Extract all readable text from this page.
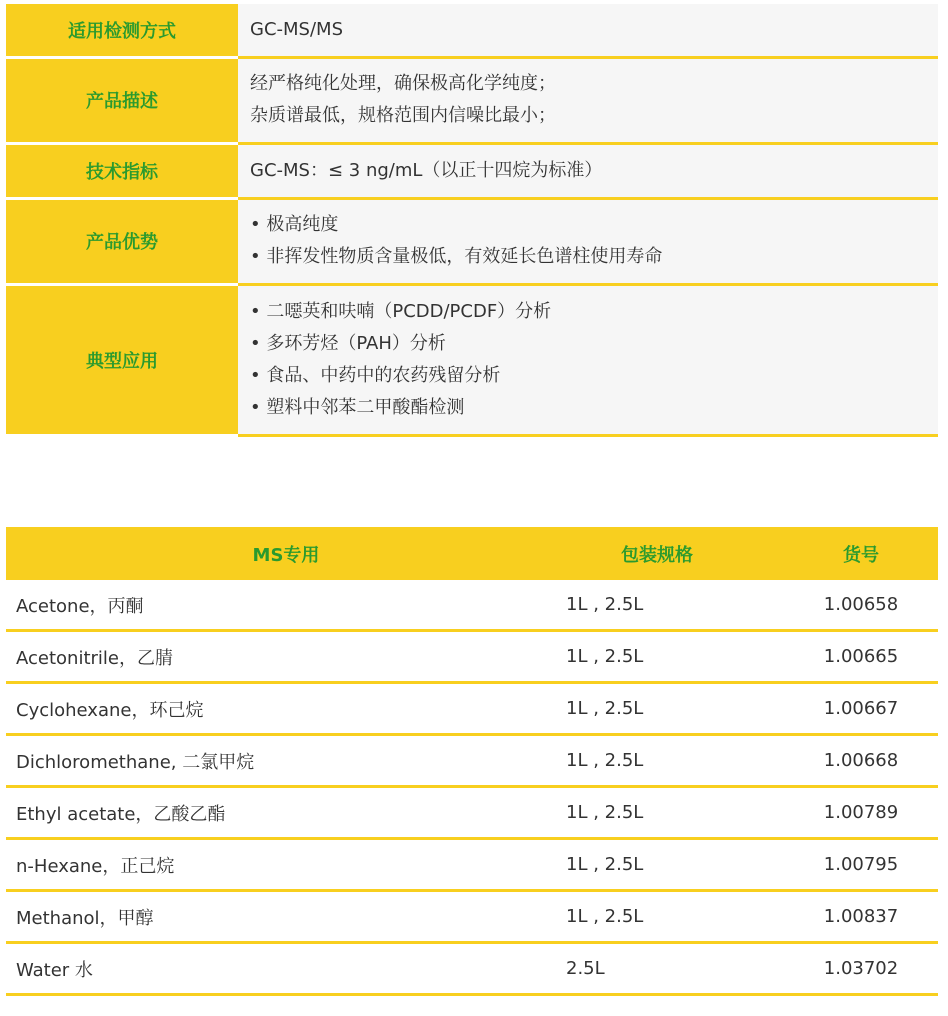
适用检测方式	GC-MS/MS

产品描述	经严格纯化处理，确保极高化学纯度；
杂质谱最低，规格范围内信噪比最小；

技术指标	GC-MS：≤ 3 ng/mL（以正十四烷为标准）

产品优势	• 极高纯度
• 非挥发性物质含量极低，有效延长色谱柱使用寿命

典型应用	• 二噁英和呋喃（PCDD/PCDF）分析
• 多环芳烃（PAH）分析
• 食品、中药中的农药残留分析
• 塑料中邻苯二甲酸酯检测
MS专用	包装规格	货号
Acetone，丙酮	1L , 2.5L	1.00658
Acetonitrile，乙腈	1L , 2.5L	1.00665
Cyclohexane，环己烷	1L , 2.5L	1.00667
Dichloromethane, 二氯甲烷	1L , 2.5L	1.00668
Ethyl acetate，乙酸乙酯	1L , 2.5L	1.00789
n-Hexane，正己烷	1L , 2.5L	1.00795
Methanol，甲醇	1L , 2.5L	1.00837
Water 水	2.5L	1.03702
